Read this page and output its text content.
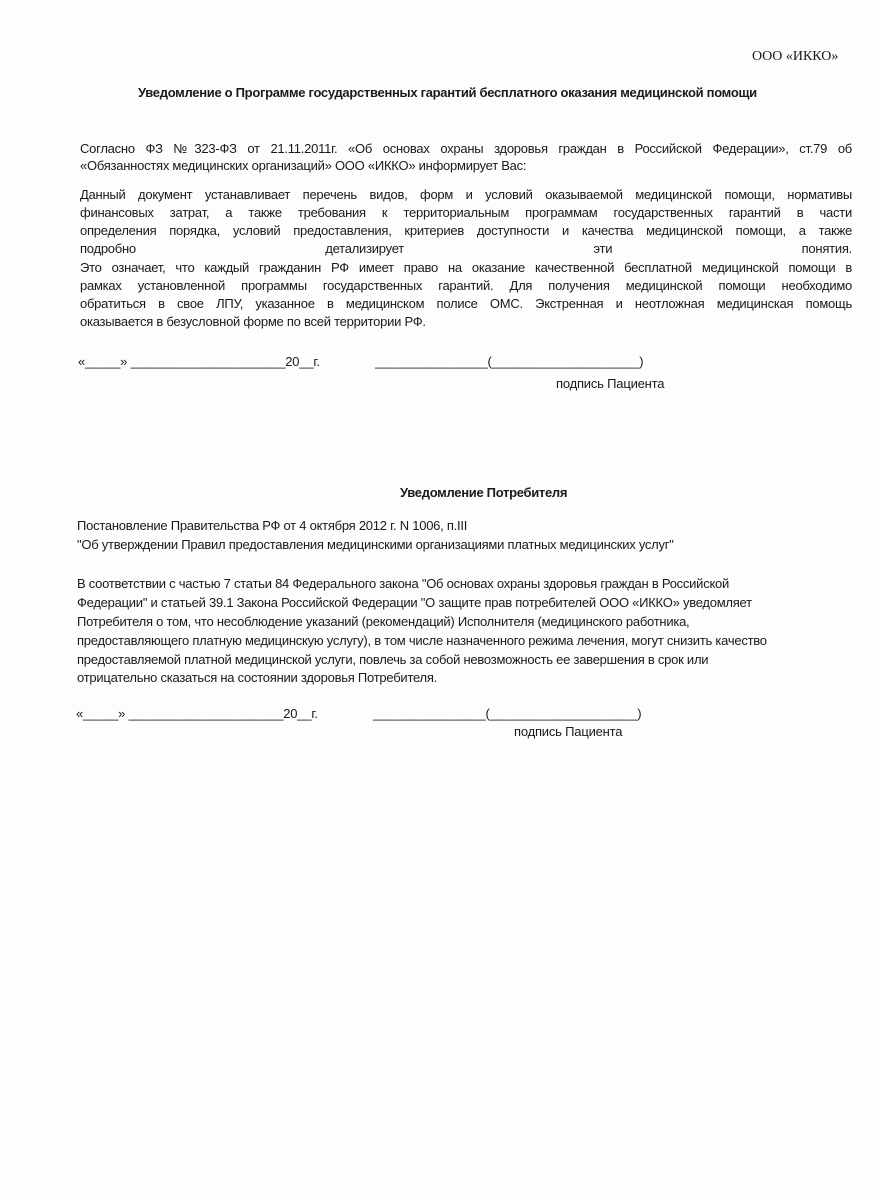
ООО «ИККО»
Уведомление о Программе государственных гарантий бесплатного оказания медицинской помощи
Согласно ФЗ №323-ФЗ от 21.11.2011г. «Об основах охраны здоровья граждан в Российской Федерации», ст.79 об
«Обязанностях медицинских организаций» ООО «ИККО» информирует Вас:
Данный документ устанавливает перечень видов, форм и условий оказываемой медицинской помощи, нормативы
финансовых затрат, а также требования к территориальным программам государственных гарантий в части
определения порядка, условий предоставления, критериев доступности и качества медицинской помощи, а также
подробно детализирует эти понятия.
Это означает, что каждый гражданин РФ имеет право на оказание качественной бесплатной медицинской помощи в
рамках установленной программы государственных гарантий. Для получения медицинской помощи необходимо
обратиться в свое ЛПУ, указанное в медицинском полисе ОМС. Экстренная и неотложная медицинская помощь
оказывается в безусловной форме по всей территории РФ.
«_____» ______________________20__г.	________________(_____________________)
подпись Пациента
Уведомление Потребителя
Постановление Правительства РФ от 4 октября 2012 г. N 1006, п.III
"Об утверждении Правил предоставления медицинскими организациями платных медицинских услуг"
В соответствии с частью 7 статьи 84 Федерального закона "Об основах охраны здоровья граждан в Российской
Федерации" и статьей 39.1 Закона Российской Федерации "О защите прав потребителей ООО «ИККО» уведомляет
Потребителя о том, что несоблюдение указаний (рекомендаций) Исполнителя (медицинского работника,
предоставляющего платную медицинскую услугу), в том числе назначенного режима лечения, могут снизить качество
предоставляемой платной медицинской услуги, повлечь за собой невозможность ее завершения в срок или
отрицательно сказаться на состоянии здоровья Потребителя.
«_____» ______________________20__г.	________________(_____________________)
подпись Пациента
